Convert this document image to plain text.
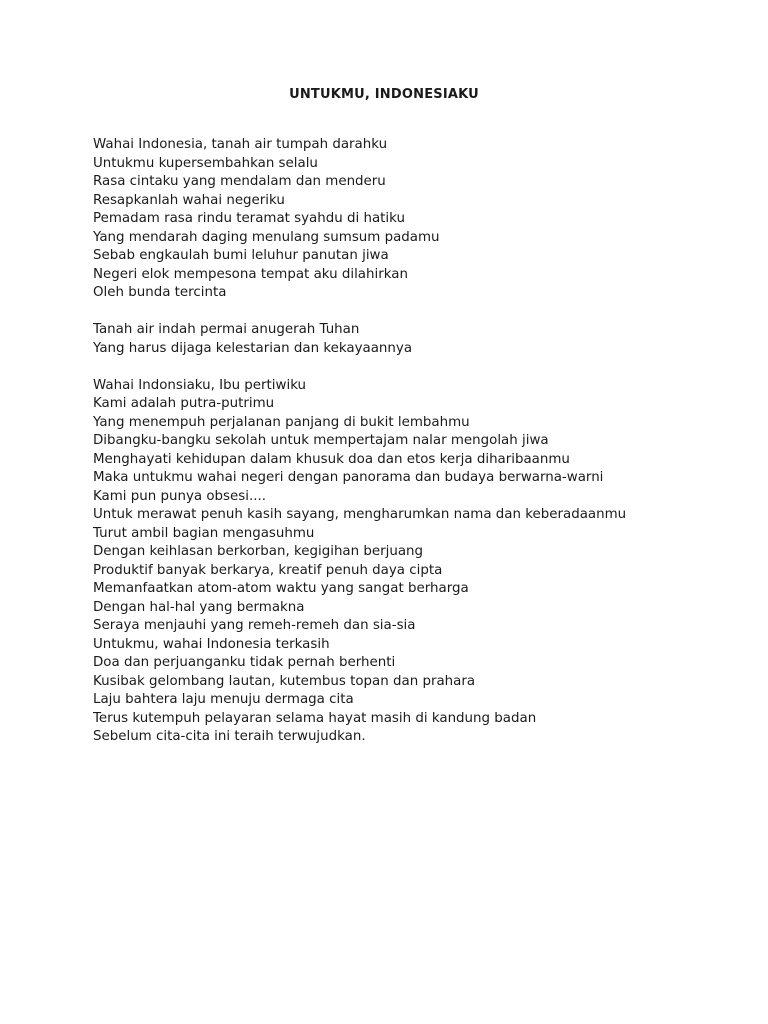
UNTUKMU, INDONESIAKU
Wahai Indonesia, tanah air tumpah darahku
Untukmu kupersembahkan selalu
Rasa cintaku yang mendalam dan menderu
Resapkanlah wahai negeriku
Pemadam rasa rindu teramat syahdu di hatiku
Yang mendarah daging menulang sumsum padamu
Sebab engkaulah bumi leluhur panutan jiwa
Negeri elok mempesona tempat aku dilahirkan
Oleh bunda tercinta
Tanah air indah permai anugerah Tuhan
Yang harus dijaga kelestarian dan kekayaannya
Wahai Indonsiaku, Ibu pertiwiku
Kami adalah putra-putrimu
Yang menempuh perjalanan panjang di bukit lembahmu
Dibangku-bangku sekolah untuk mempertajam nalar mengolah jiwa
Menghayati kehidupan dalam khusuk doa dan etos kerja diharibaanmu
Maka untukmu wahai negeri dengan panorama dan budaya berwarna-warni
Kami pun punya obsesi....
Untuk merawat penuh kasih sayang, mengharumkan nama dan keberadaanmu
Turut ambil bagian mengasuhmu
Dengan keihlasan berkorban, kegigihan berjuang
Produktif banyak berkarya, kreatif penuh daya cipta
Memanfaatkan atom-atom waktu yang sangat berharga
Dengan hal-hal yang bermakna
Seraya menjauhi yang remeh-remeh dan sia-sia
Untukmu, wahai Indonesia terkasih
Doa dan perjuanganku tidak pernah berhenti
Kusibak gelombang lautan, kutembus topan dan prahara
Laju bahtera laju menuju dermaga cita
Terus kutempuh pelayaran selama hayat masih di kandung badan
Sebelum cita-cita ini teraih terwujudkan.
